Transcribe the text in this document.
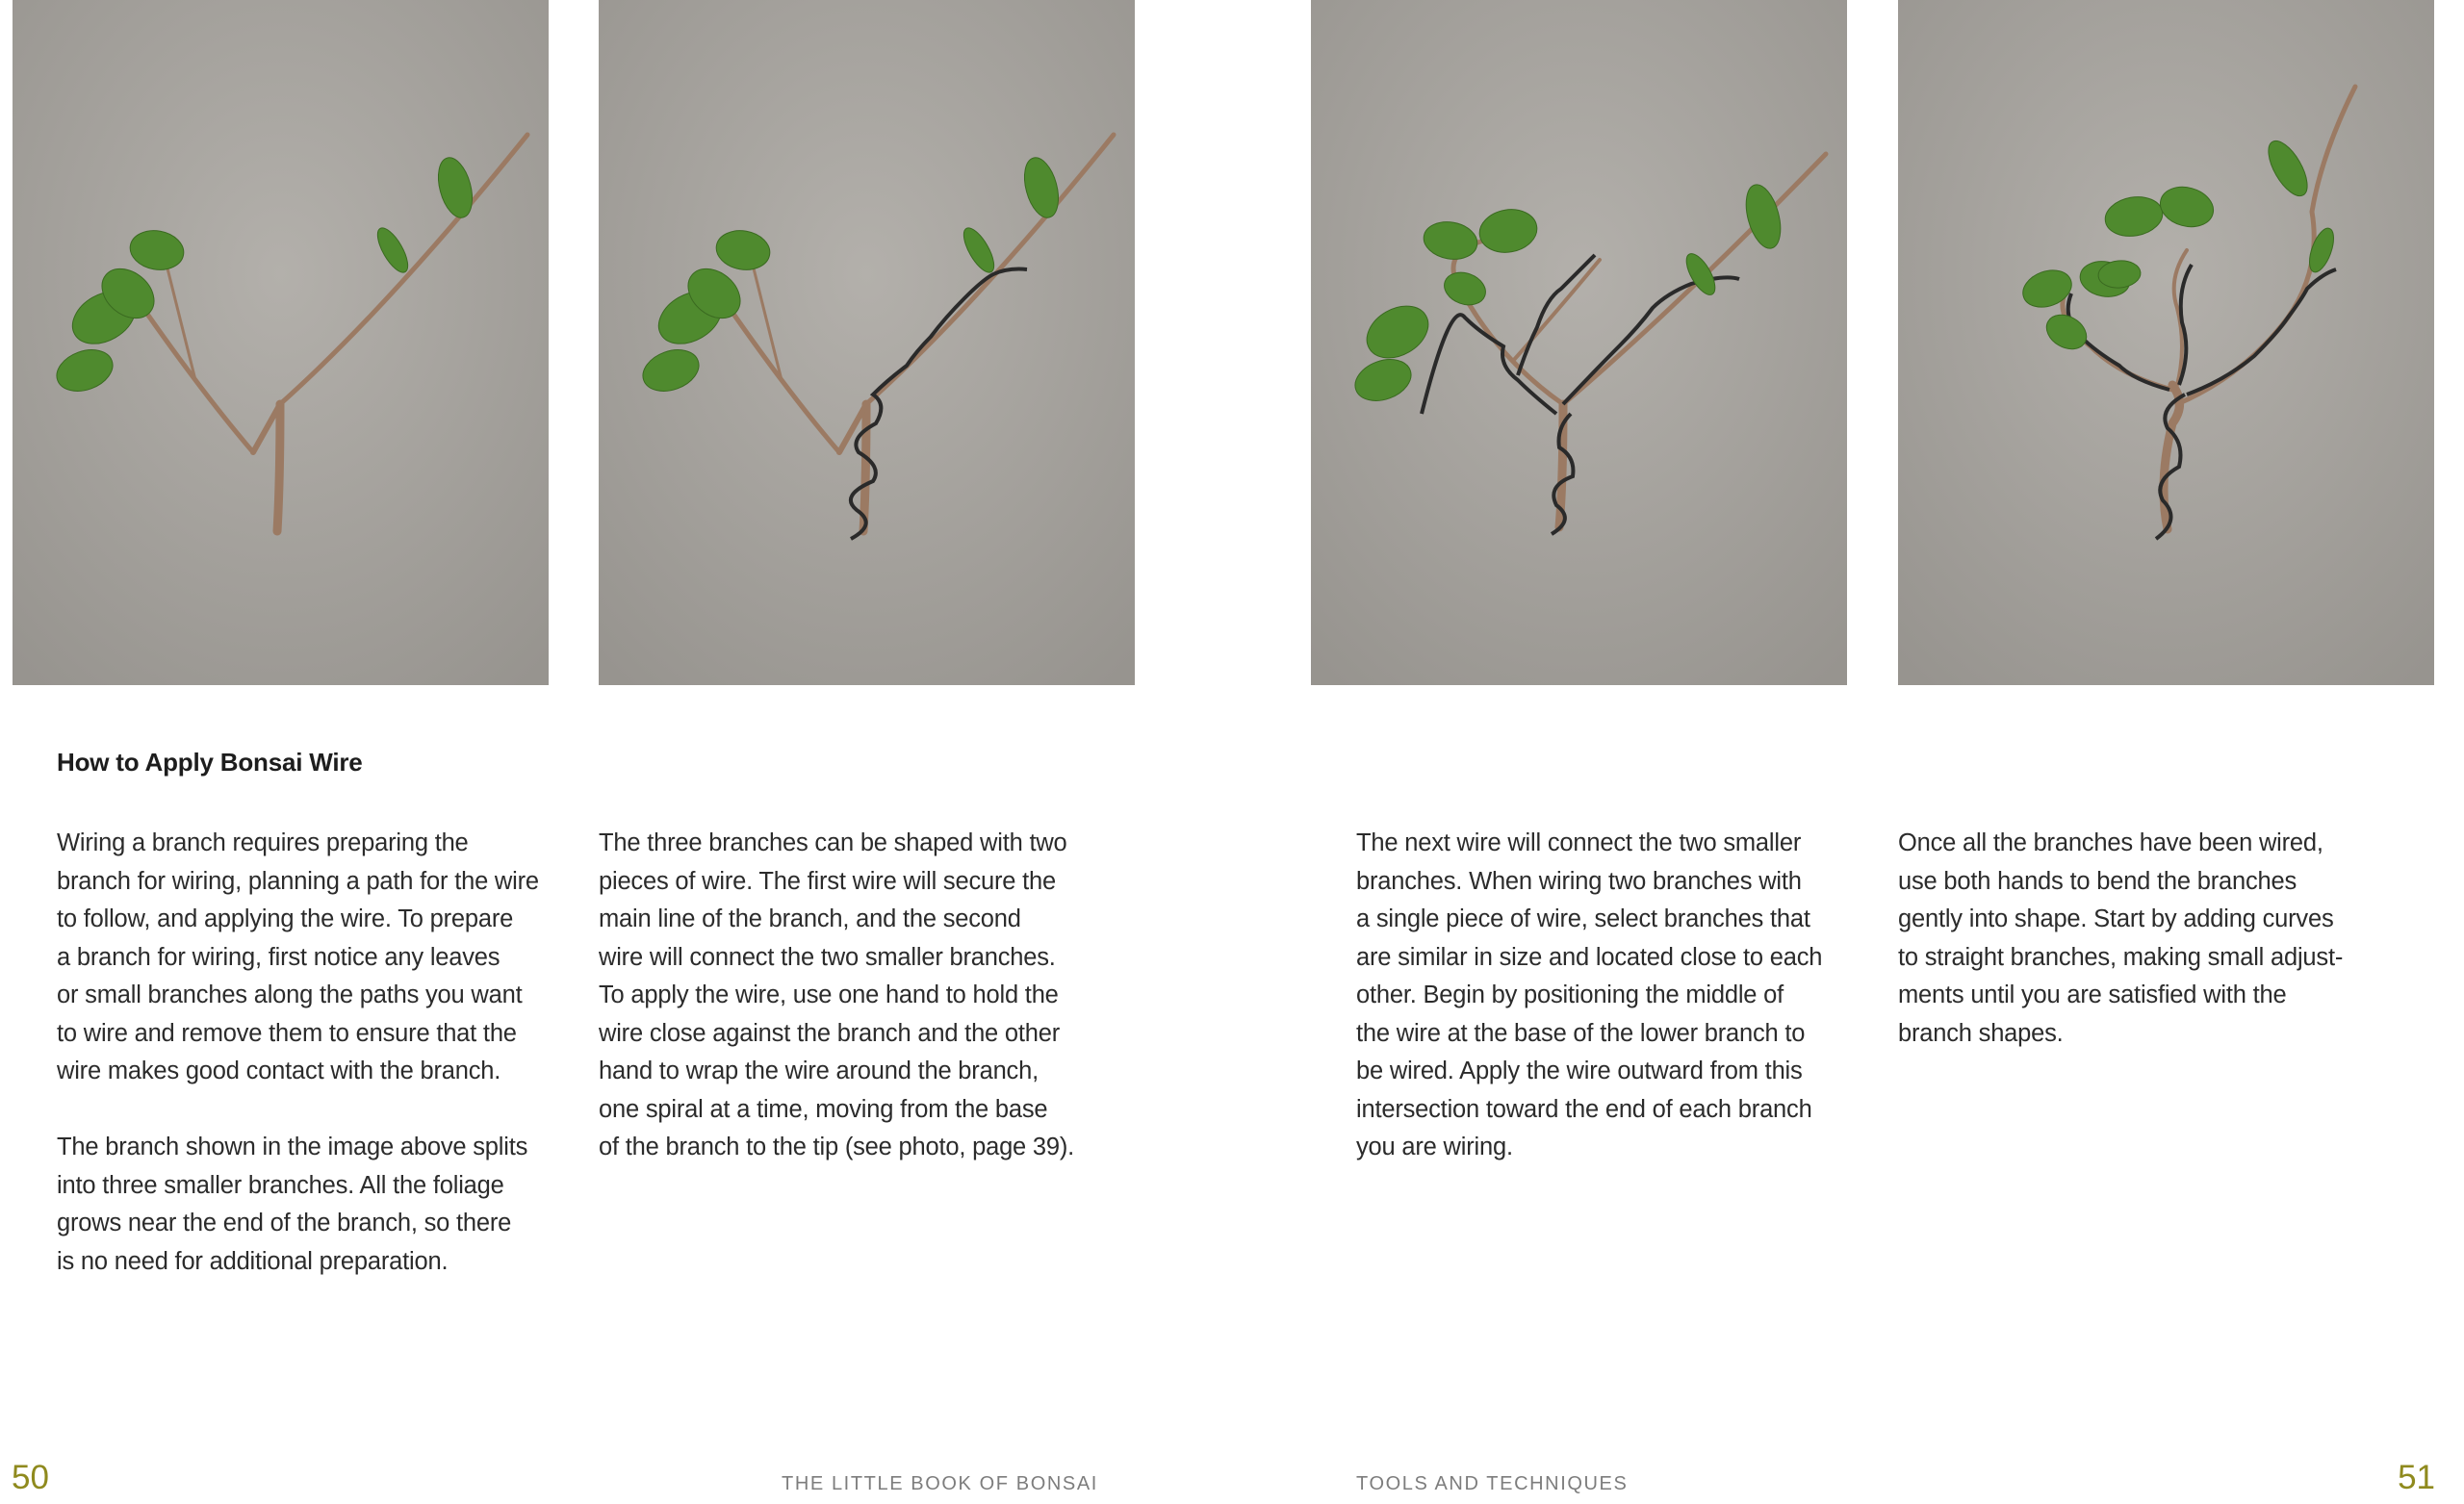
How to Apply Bonsai Wire

Wiring a branch requires preparing the
branch for wiring, planning a path for the wire
to follow, and applying the wire. To prepare
a branch for wiring, first notice any leaves
or small branches along the paths you want
to wire and remove them to ensure that the
wire makes good contact with the branch.

The branch shown in the image above splits
into three smaller branches. All the foliage
grows near the end of the branch, so there
is no need for additional preparation.

The three branches can be shaped with two
pieces of wire. The first wire will secure the
main line of the branch, and the second
wire will connect the two smaller branches.
To apply the wire, use one hand to hold the
wire close against the branch and the other
hand to wrap the wire around the branch,
one spiral at a time, moving from the base
of the branch to the tip (see photo, page 39).

The next wire will connect the two smaller
branches. When wiring two branches with
a single piece of wire, select branches that
are similar in size and located close to each
other. Begin by positioning the middle of
the wire at the base of the lower branch to
be wired. Apply the wire outward from this
intersection toward the end of each branch
you are wiring.

Once all the branches have been wired,
use both hands to bend the branches
gently into shape. Start by adding curves
to straight branches, making small adjust-
ments until you are satisfied with the
branch shapes.

50	THE LITTLE BOOK OF BONSAI	TOOLS AND TECHNIQUES	51
